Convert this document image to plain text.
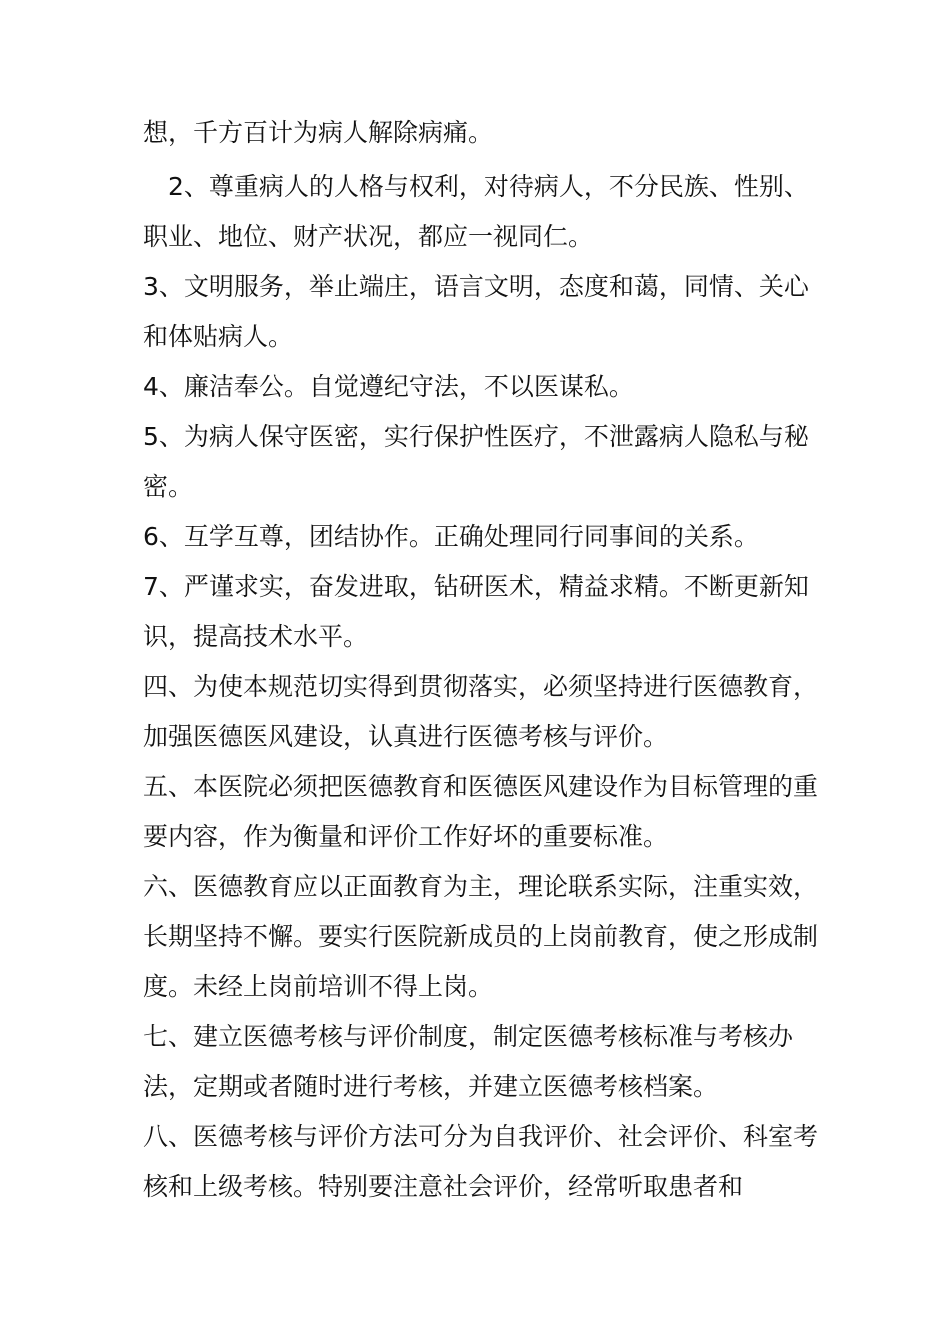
想，千方百计为病人解除病痛。

　2、尊重病人的人格与权利，对待病人，不分民族、性别、职业、地位、财产状况，都应一视同仁。

3、文明服务，举止端庄，语言文明，态度和蔼，同情、关心和体贴病人。

4、廉洁奉公。自觉遵纪守法，不以医谋私。

5、为病人保守医密，实行保护性医疗，不泄露病人隐私与秘密。

6、互学互尊，团结协作。正确处理同行同事间的关系。

7、严谨求实，奋发进取，钻研医术，精益求精。不断更新知识，提高技术水平。

四、为使本规范切实得到贯彻落实，必须坚持进行医德教育，加强医德医风建设，认真进行医德考核与评价。

五、本医院必须把医德教育和医德医风建设作为目标管理的重要内容，作为衡量和评价工作好坏的重要标准。

六、医德教育应以正面教育为主，理论联系实际，注重实效，长期坚持不懈。要实行医院新成员的上岗前教育，使之形成制度。未经上岗前培训不得上岗。

七、建立医德考核与评价制度，制定医德考核标准与考核办法，定期或者随时进行考核，并建立医德考核档案。

八、医德考核与评价方法可分为自我评价、社会评价、科室考核和上级考核。特别要注意社会评价，经常听取患者和
